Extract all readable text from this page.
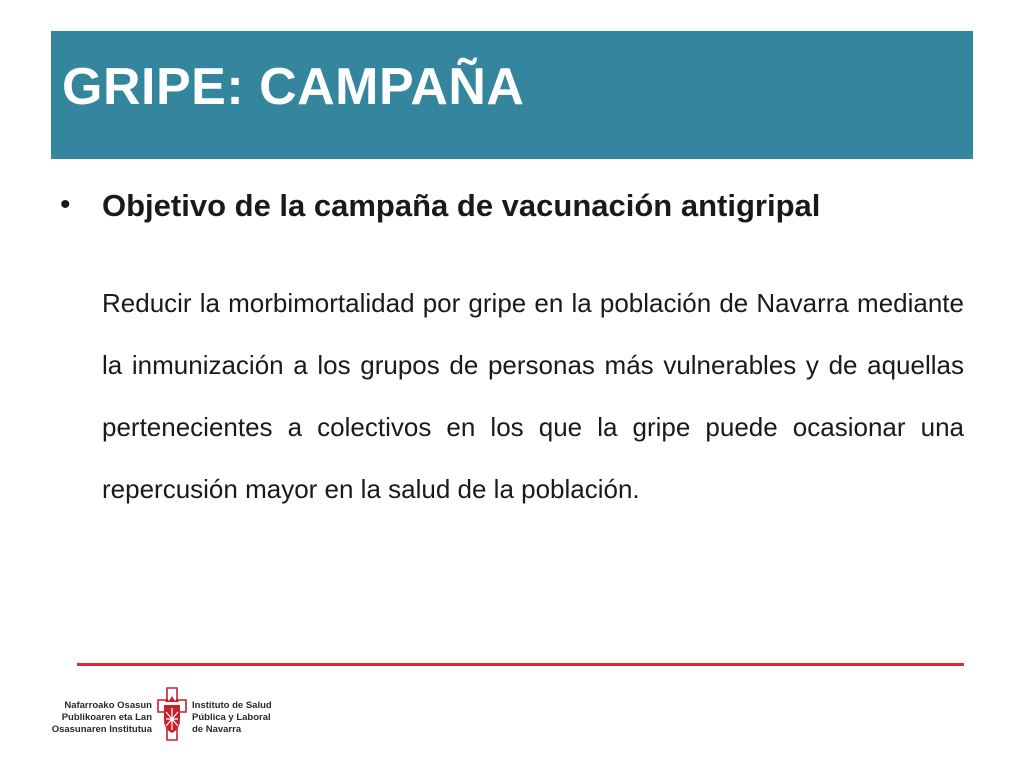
GRIPE: CAMPAÑA
• Objetivo de la campaña de vacunación antigripal

Reducir la morbimortalidad por gripe en la población de Navarra mediante la inmunización a los grupos de personas más vulnerables y de aquellas pertenecientes a colectivos en los que la gripe puede ocasionar una repercusión mayor en la salud de la población.

Nafarroako Osasun
Publikoaren eta Lan
Osasunaren Institutua
Instituto de Salud
Pública y Laboral
de Navarra
